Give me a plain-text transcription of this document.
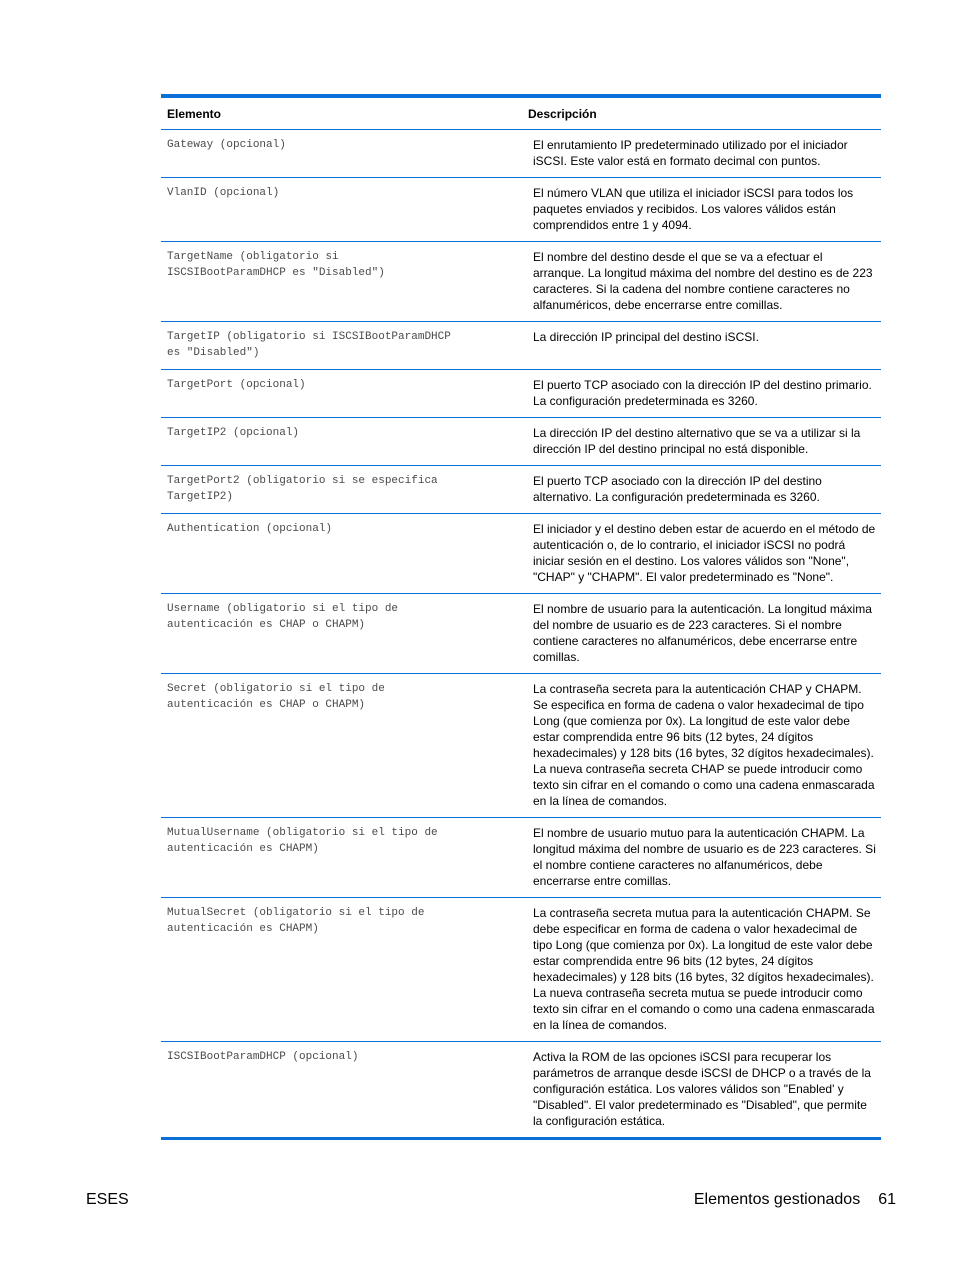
Elemento	Descripción
Gateway (opcional)	El enrutamiento IP predeterminado utilizado por el iniciador iSCSI. Este valor está en formato decimal con puntos.
VlanID (opcional)	El número VLAN que utiliza el iniciador iSCSI para todos los paquetes enviados y recibidos. Los valores válidos están comprendidos entre 1 y 4094.
TargetName (obligatorio si
ISCSIBootParamDHCP es "Disabled")	El nombre del destino desde el que se va a efectuar el arranque. La longitud máxima del nombre del destino es de 223 caracteres. Si la cadena del nombre contiene caracteres no alfanuméricos, debe encerrarse entre comillas.
TargetIP (obligatorio si ISCSIBootParamDHCP
es "Disabled")	La dirección IP principal del destino iSCSI.
TargetPort (opcional)	El puerto TCP asociado con la dirección IP del destino primario. La configuración predeterminada es 3260.
TargetIP2 (opcional)	La dirección IP del destino alternativo que se va a utilizar si la dirección IP del destino principal no está disponible.
TargetPort2 (obligatorio si se especifica
TargetIP2)	El puerto TCP asociado con la dirección IP del destino alternativo. La configuración predeterminada es 3260.
Authentication (opcional)	El iniciador y el destino deben estar de acuerdo en el método de autenticación o, de lo contrario, el iniciador iSCSI no podrá iniciar sesión en el destino. Los valores válidos son "None", "CHAP" y "CHAPM". El valor predeterminado es "None".
Username (obligatorio si el tipo de
autenticación es CHAP o CHAPM)	El nombre de usuario para la autenticación. La longitud máxima del nombre de usuario es de 223 caracteres. Si el nombre contiene caracteres no alfanuméricos, debe encerrarse entre comillas.
Secret (obligatorio si el tipo de
autenticación es CHAP o CHAPM)	La contraseña secreta para la autenticación CHAP y CHAPM. Se especifica en forma de cadena o valor hexadecimal de tipo Long (que comienza por 0x). La longitud de este valor debe estar comprendida entre 96 bits (12 bytes, 24 dígitos hexadecimales) y 128 bits (16 bytes, 32 dígitos hexadecimales). La nueva contraseña secreta CHAP se puede introducir como texto sin cifrar en el comando o como una cadena enmascarada en la línea de comandos.
MutualUsername (obligatorio si el tipo de
autenticación es CHAPM)	El nombre de usuario mutuo para la autenticación CHAPM. La longitud máxima del nombre de usuario es de 223 caracteres. Si el nombre contiene caracteres no alfanuméricos, debe encerrarse entre comillas.
MutualSecret (obligatorio si el tipo de
autenticación es CHAPM)	La contraseña secreta mutua para la autenticación CHAPM. Se debe especificar en forma de cadena o valor hexadecimal de tipo Long (que comienza por 0x). La longitud de este valor debe estar comprendida entre 96 bits (12 bytes, 24 dígitos hexadecimales) y 128 bits (16 bytes, 32 dígitos hexadecimales). La nueva contraseña secreta mutua se puede introducir como texto sin cifrar en el comando o como una cadena enmascarada en la línea de comandos.
ISCSIBootParamDHCP (opcional)	Activa la ROM de las opciones iSCSI para recuperar los parámetros de arranque desde iSCSI de DHCP o a través de la configuración estática. Los valores válidos son "Enabled' y "Disabled". El valor predeterminado es "Disabled", que permite la configuración estática.
ESES	Elementos gestionados 61
